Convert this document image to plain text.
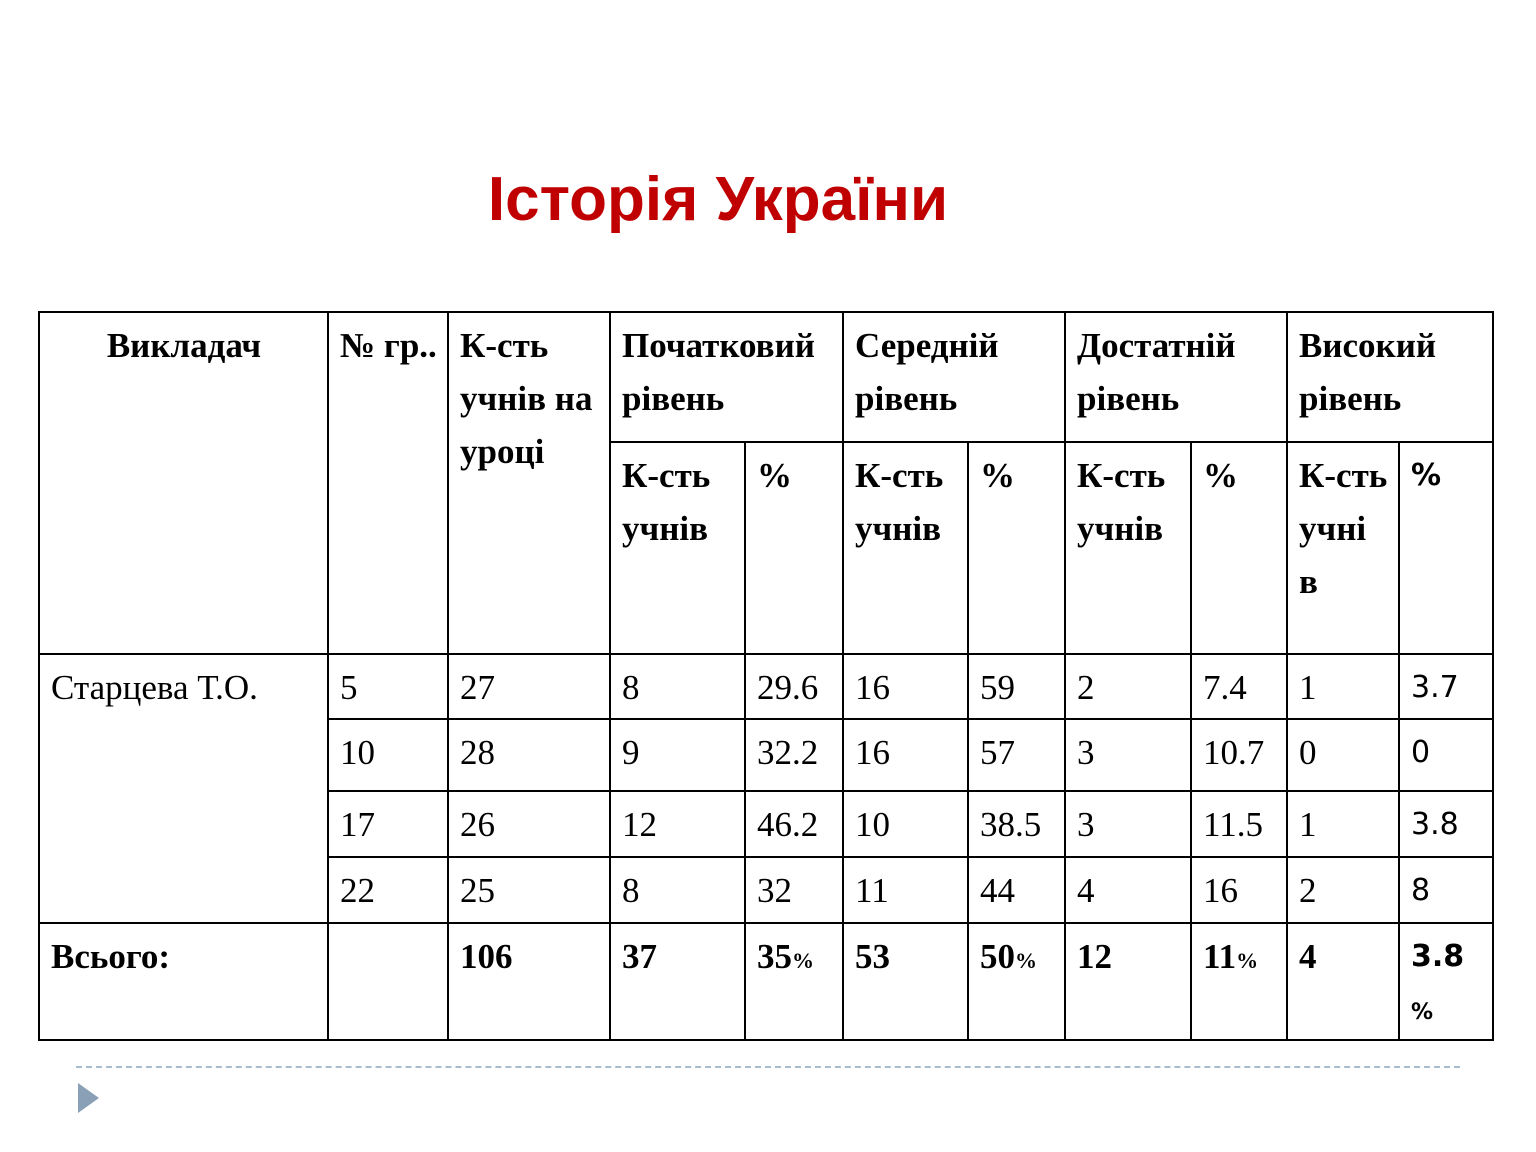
Історія України
Викладач	№ гр..	К-сть учнів на уроці	Початковий рівень		Середній рівень		Достатній рівень		Високий рівень	
			К-сть учнів	%	К-сть учнів	%	К-сть учнів	%	К-сть учні в	%
Старцева Т.О.	5	27	8	29.6	16	59	2	7.4	1	3.7
	10	28	9	32.2	16	57	3	10.7	0	0
	17	26	12	46.2	10	38.5	3	11.5	1	3.8
	22	25	8	32	11	44	4	16	2	8
Всього:		106	37	35%	53	50%	12	11%	4	3.8%
